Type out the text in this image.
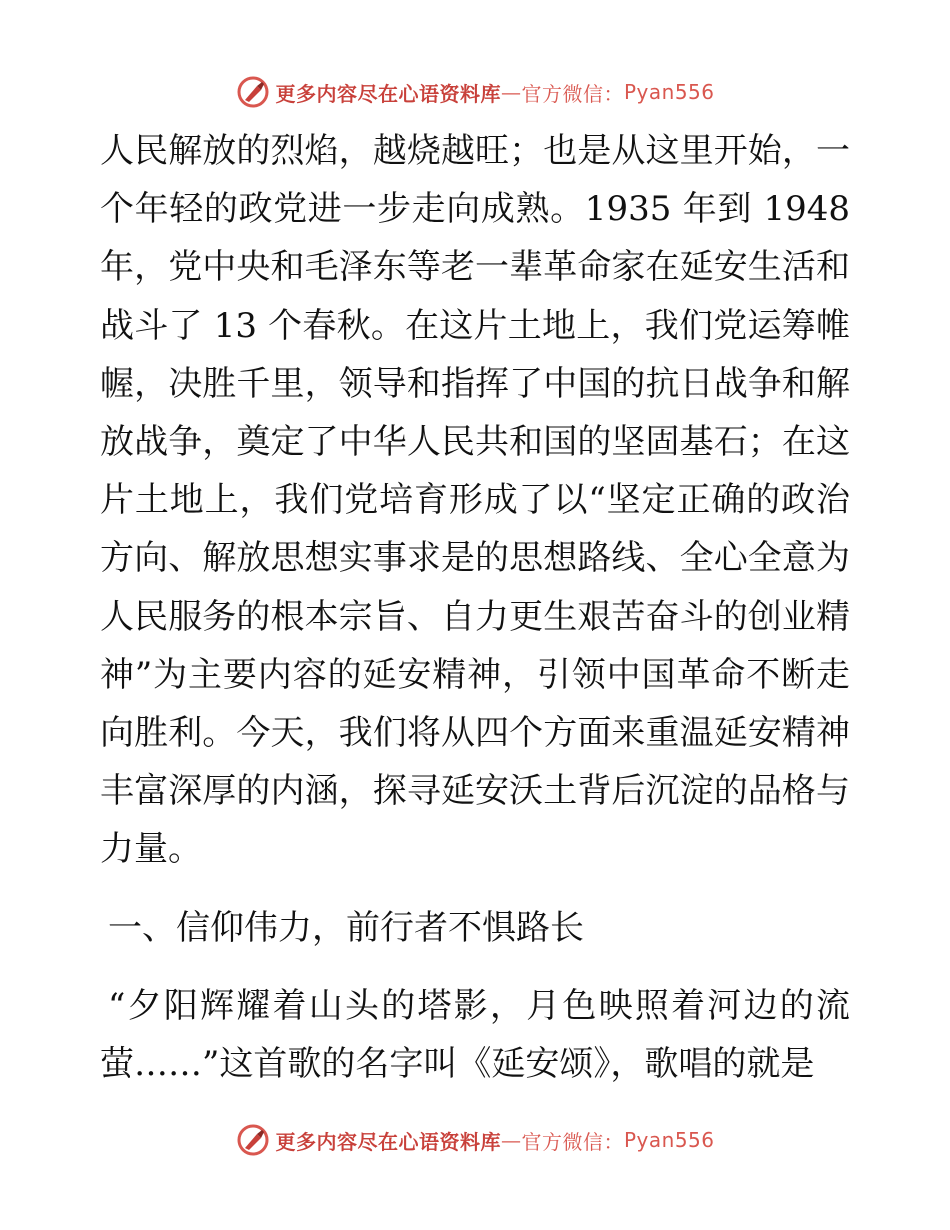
更多内容尽在心语资料库 — 官方微信： Pyan556

人民解放的烈焰，越烧越旺；也是从这里开始，一个年轻的政党进一步走向成熟。1935 年到 1948 年，党中央和毛泽东等老一辈革命家在延安生活和战斗了 13 个春秋。在这片土地上，我们党运筹帷幄，决胜千里，领导和指挥了中国的抗日战争和解放战争，奠定了中华人民共和国的坚固基石；在这片土地上，我们党培育形成了以“坚定正确的政治方向、解放思想实事求是的思想路线、全心全意为人民服务的根本宗旨、自力更生艰苦奋斗的创业精神”为主要内容的延安精神，引领中国革命不断走向胜利。今天，我们将从四个方面来重温延安精神丰富深厚的内涵，探寻延安沃土背后沉淀的品格与力量。

一、信仰伟力，前行者不惧路长

“夕阳辉耀着山头的塔影，月色映照着河边的流萤……”这首歌的名字叫《延安颂》，歌唱的就是

更多内容尽在心语资料库 — 官方微信： Pyan556
